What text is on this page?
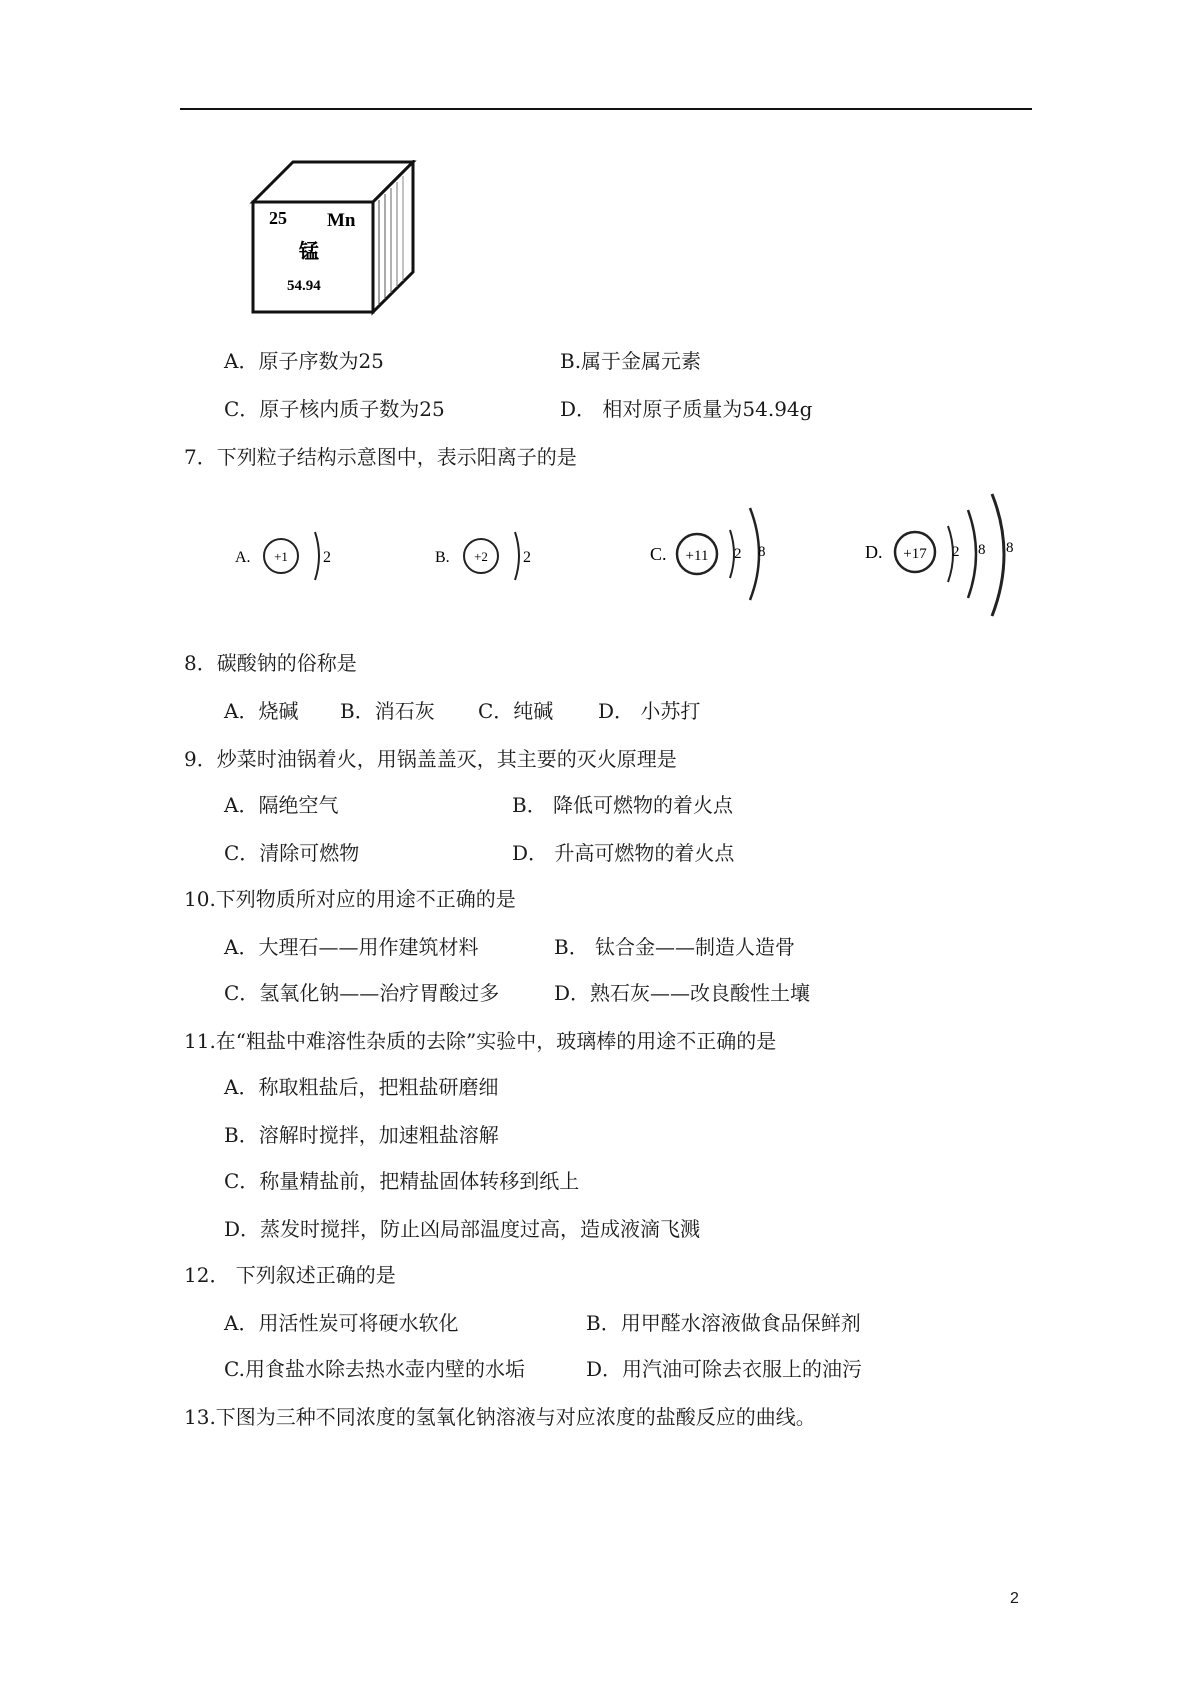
25 Mn
锰
54.94
A．原子序数为25	B.属于金属元素
C．原子核内质子数为25	D． 相对原子质量为54.94g
7．下列粒子结构示意图中，表示阳离子的是
A. +1 2	B. +2 2	C. +11 2 8	D. +17 2 8 8
8．碳酸钠的俗称是
A．烧碱 B．消石灰 C．纯碱 D． 小苏打
9．炒菜时油锅着火，用锅盖盖灭，其主要的灭火原理是
A．隔绝空气	B． 降低可燃物的着火点
C．清除可燃物	D． 升高可燃物的着火点
10.下列物质所对应的用途不正确的是
A．大理石——用作建筑材料	B． 钛合金——制造人造骨
C．氢氧化钠——治疗胃酸过多	D．熟石灰——改良酸性土壤
11.在“粗盐中难溶性杂质的去除”实验中，玻璃棒的用途不正确的是
A．称取粗盐后，把粗盐研磨细
B．溶解时搅拌，加速粗盐溶解
C．称量精盐前，把精盐固体转移到纸上
D．蒸发时搅拌，防止凶局部温度过高，造成液滴飞溅
12． 下列叙述正确的是
A．用活性炭可将硬水软化	B．用甲醛水溶液做食品保鲜剂
C.用食盐水除去热水壶内壁的水垢	D．用汽油可除去衣服上的油污
13.下图为三种不同浓度的氢氧化钠溶液与对应浓度的盐酸反应的曲线。
2
